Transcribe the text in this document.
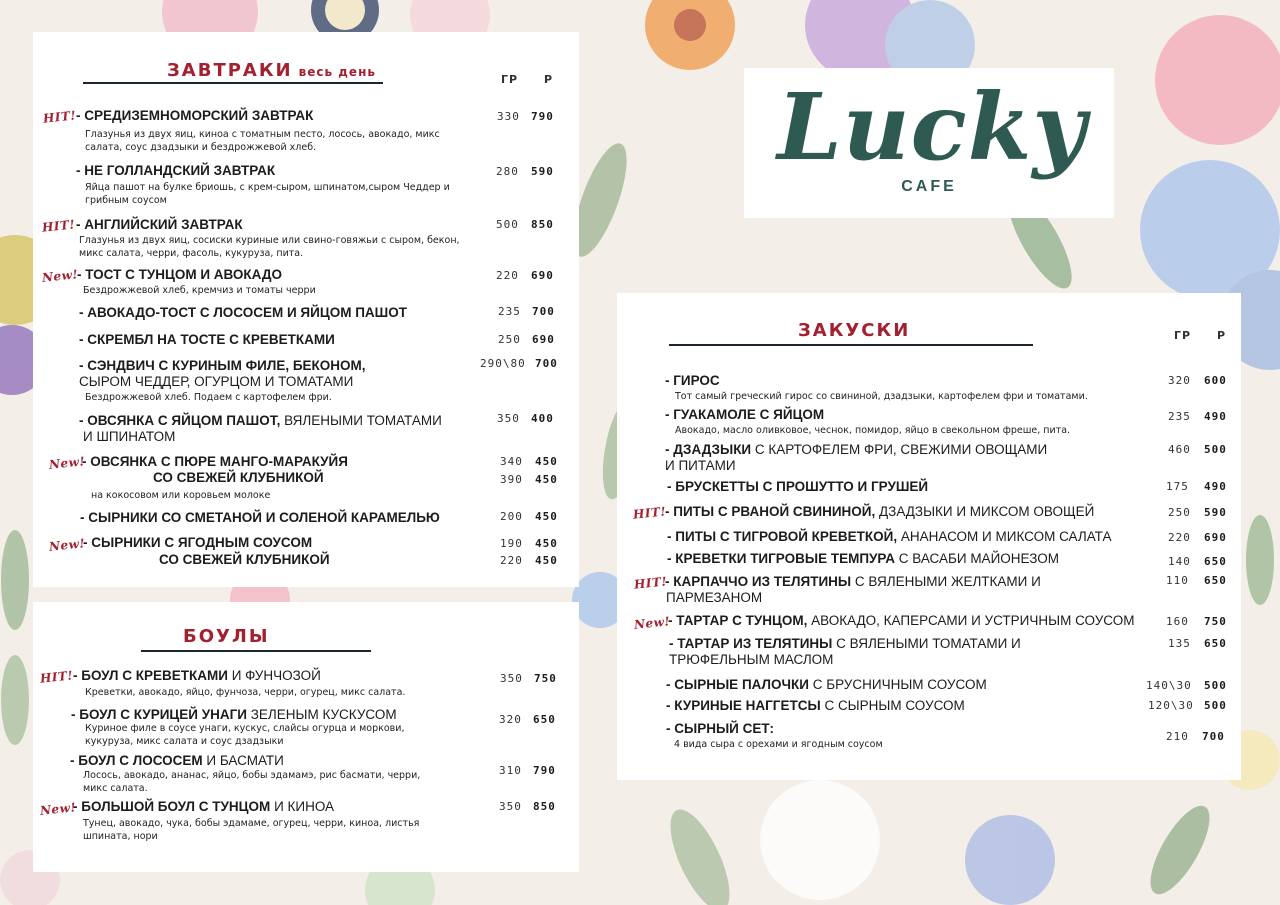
Lucky
CAFE
ЗАВТРАКИ весь день
ГР Р
HIT! - СРЕДИЗЕМНОМОРСКИЙ ЗАВТРАК
Глазунья из двух яиц, киноа с томатным песто, лосось, авокадо, микс
салата, соус дзадзыки и бездрожжевой хлеб.
330 790
- НЕ ГОЛЛАНДСКИЙ ЗАВТРАК
Яйца пашот на булке бриошь, с крем-сыром, шпинатом,сыром Чеддер и
грибным соусом
280 590
HIT! - АНГЛИЙСКИЙ ЗАВТРАК
Глазунья из двух яиц, сосиски куриные или свино-говяжьи с сыром, бекон,
микс салата, черри, фасоль, кукуруза, пита.
500 850
New!
- ТОСТ С ТУНЦОМ И АВОКАДО
Бездрожжевой хлеб, кремчиз и томаты черри
220 690
- АВОКАДО-ТОСТ С ЛОСОСЕМ И ЯЙЦОМ ПАШОТ	235 700
- СКРЕМБЛ НА ТОСТЕ С КРЕВЕТКАМИ	250 690
- СЭНДВИЧ С КУРИНЫМ ФИЛЕ, БЕКОНОМ,
СЫРОМ ЧЕДДЕР, ОГУРЦОМ И ТОМАТАМИ
Бездрожжевой хлеб. Подаем с картофелем фри.
290\80 700
- ОВСЯНКА С ЯЙЦОМ ПАШОТ, ВЯЛЕНЫМИ ТОМАТАМИ
И ШПИНАТОМ
350 400
New!
- ОВСЯНКА С ПЮРЕ МАНГО-МАРАКУЙЯ
СО СВЕЖЕЙ КЛУБНИКОЙ
на кокосовом или коровьем молоке
340 450
390 450
- СЫРНИКИ СО СМЕТАНОЙ И СОЛЕНОЙ КАРАМЕЛЬЮ	200 450
New!
- СЫРНИКИ С ЯГОДНЫМ СОУСОМ
СО СВЕЖЕЙ КЛУБНИКОЙ
190 450
220 450
БОУЛЫ
HIT! - БОУЛ С КРЕВЕТКАМИ И ФУНЧОЗОЙ
Креветки, авокадо, яйцо, фунчоза, черри, огурец, микс салата.
350 750
- БОУЛ С КУРИЦЕЙ УНАГИ ЗЕЛЕНЫМ КУСКУСОМ
Куриное филе в соусе унаги, кускус, слайсы огурца и моркови,
кукуруза, микс салата и соус дзадзыки
320 650
- БОУЛ С ЛОСОСЕМ И БАСМАТИ
Лосось, авокадо, ананас, яйцо, бобы эдамамэ, рис басмати, черри,
микс салата.
310 790
New!
- БОЛЬШОЙ БОУЛ С ТУНЦОМ И КИНОА
Тунец, авокадо, чука, бобы эдамаме, огурец, черри, киноа, листья
шпината, нори
350 850
ЗАКУСКИ	ГР Р
- ГИРОС
Тот самый греческий гирос со свининой, дзадзыки, картофелем фри и томатами.
320 600
- ГУАКАМОЛЕ С ЯЙЦОМ
Авокадо, масло оливковое, чеснок, помидор, яйцо в свекольном фреше, пита.
235 490
- ДЗАДЗЫКИ С КАРТОФЕЛЕМ ФРИ, СВЕЖИМИ ОВОЩАМИ
И ПИТАМИ
460 500
- БРУСКЕТТЫ С ПРОШУТТО И ГРУШЕЙ	175 490
HIT!
- ПИТЫ С РВАНОЙ СВИНИНОЙ, ДЗАДЗЫКИ И МИКСОМ ОВОЩЕЙ	250 590
- ПИТЫ С ТИГРОВОЙ КРЕВЕТКОЙ, АНАНАСОМ И МИКСОМ САЛАТА	220 690
- КРЕВЕТКИ ТИГРОВЫЕ ТЕМПУРА С ВАСАБИ МАЙОНЕЗОМ	140 650
HIT!
- КАРПАЧЧО ИЗ ТЕЛЯТИНЫ С ВЯЛЕНЫМИ ЖЕЛТКАМИ И
ПАРМЕЗАНОМ
110 650
New!
- ТАРТАР С ТУНЦОМ, АВОКАДО, КАПЕРСАМИ И УСТРИЧНЫМ СОУСОМ	160 750
- ТАРТАР ИЗ ТЕЛЯТИНЫ С ВЯЛЕНЫМИ ТОМАТАМИ И
ТРЮФЕЛЬНЫМ МАСЛОМ
135 650
- СЫРНЫЕ ПАЛОЧКИ С БРУСНИЧНЫМ СОУСОМ	140\30 500
- КУРИНЫЕ НАГГЕТСЫ С СЫРНЫМ СОУСОМ	120\30 500
- СЫРНЫЙ СЕТ:
4 вида сыра с орехами и ягодным соусом
210 700
